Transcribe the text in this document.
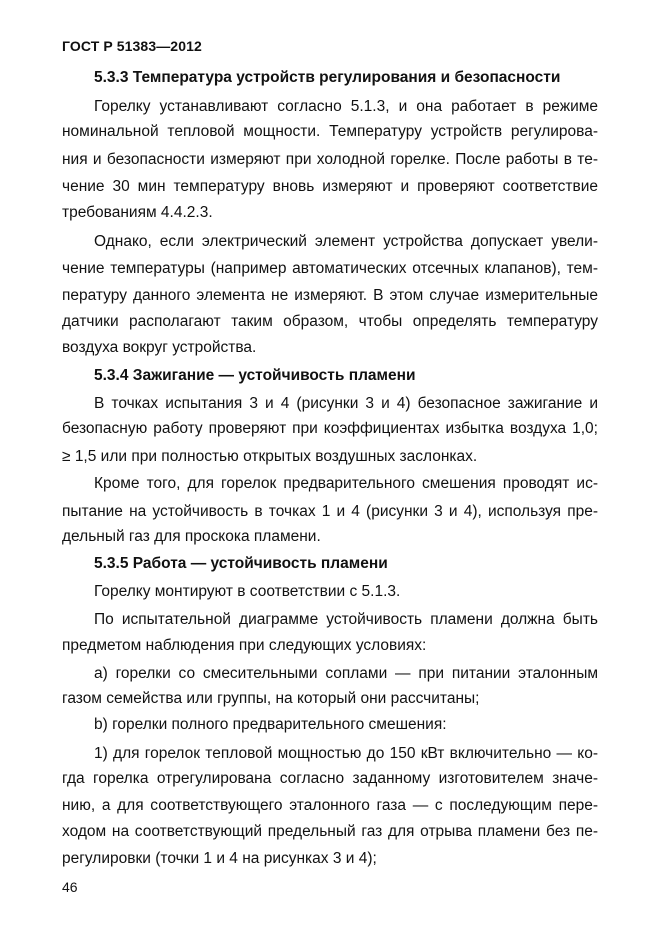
ГОСТ Р 51383—2012
5.3.3 Температура устройств регулирования и безопасности
Горелку устанавливают согласно 5.1.3, и она работает в режиме
номинальной тепловой мощности. Температуру устройств регулирова-
ния и безопасности измеряют при холодной горелке. После работы в те-
чение 30 мин температуру вновь измеряют и проверяют соответствие
требованиям 4.4.2.3.
Однако, если электрический элемент устройства допускает увели-
чение температуры (например автоматических отсечных клапанов), тем-
пературу данного элемента не измеряют. В этом случае измерительные
датчики располагают таким образом, чтобы определять температуру
воздуха вокруг устройства.
5.3.4 Зажигание — устойчивость пламени
В точках испытания 3 и 4 (рисунки 3 и 4) безопасное зажигание и
безопасную работу проверяют при коэффициентах избытка воздуха 1,0;
≥ 1,5 или при полностью открытых воздушных заслонках.
Кроме того, для горелок предварительного смешения проводят ис-
пытание на устойчивость в точках 1 и 4 (рисунки 3 и 4), используя пре-
дельный газ для проскока пламени.
5.3.5 Работа — устойчивость пламени
Горелку монтируют в соответствии с 5.1.3.
По испытательной диаграмме устойчивость пламени должна быть
предметом наблюдения при следующих условиях:
а) горелки со смесительными соплами — при питании эталонным
газом семейства или группы, на который они рассчитаны;
b) горелки полного предварительного смешения:
1) для горелок тепловой мощностью до 150 кВт включительно — ко-
гда горелка отрегулирована согласно заданному изготовителем значе-
нию, а для соответствующего эталонного газа — с последующим пере-
ходом на соответствующий предельный газ для отрыва пламени без пе-
регулировки (точки 1 и 4 на рисунках 3 и 4);
46
